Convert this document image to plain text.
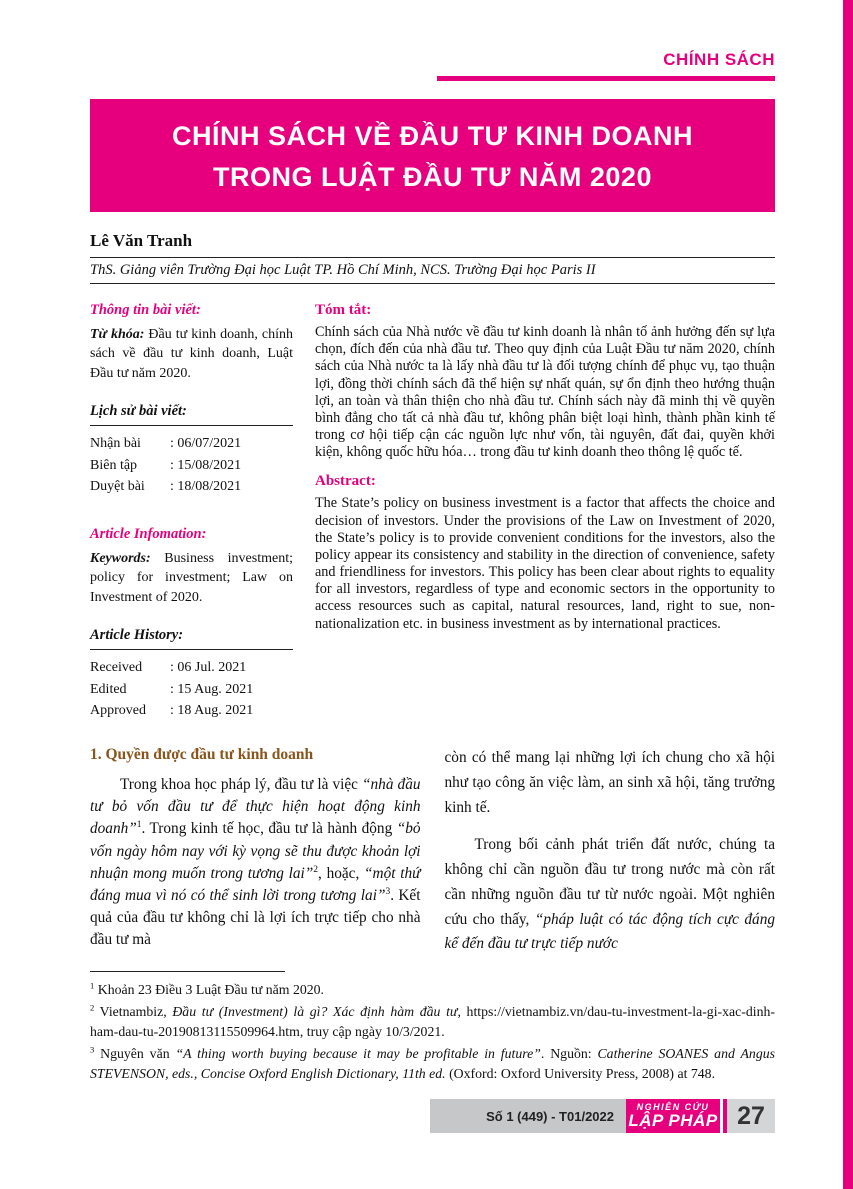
CHÍNH SÁCH
CHÍNH SÁCH VỀ ĐẦU TƯ KINH DOANH
TRONG LUẬT ĐẦU TƯ NĂM 2020
Lê Văn Tranh
ThS. Giảng viên Trường Đại học Luật TP. Hồ Chí Minh, NCS. Trường Đại học Paris II
Thông tin bài viết:

Từ khóa: Đầu tư kinh doanh, chính sách về đầu tư kinh doanh, Luật Đầu tư năm 2020.

Lịch sử bài viết:
Nhận bài	: 06/07/2021
Biên tập	: 15/08/2021
Duyệt bài	: 18/08/2021
Article Infomation:

Keywords: Business investment; policy for investment; Law on Investment of 2020.

Article History:
Received	: 06 Jul. 2021
Edited	: 15 Aug. 2021
Approved	: 18 Aug. 2021
Tóm tắt:

Chính sách của Nhà nước về đầu tư kinh doanh là nhân tố ảnh hưởng đến sự lựa chọn, đích đến của nhà đầu tư. Theo quy định của Luật Đầu tư năm 2020, chính sách của Nhà nước ta là lấy nhà đầu tư là đối tượng chính để phục vụ, tạo thuận lợi, đồng thời chính sách đã thể hiện sự nhất quán, sự ổn định theo hướng thuận lợi, an toàn và thân thiện cho nhà đầu tư. Chính sách này đã minh thị về quyền bình đẳng cho tất cả nhà đầu tư, không phân biệt loại hình, thành phần kinh tế trong cơ hội tiếp cận các nguồn lực như vốn, tài nguyên, đất đai, quyền khởi kiện, không quốc hữu hóa… trong đầu tư kinh doanh theo thông lệ quốc tế.

Abstract:

The State’s policy on business investment is a factor that affects the choice and decision of investors. Under the provisions of the Law on Investment of 2020, the State’s policy is to provide convenient conditions for the investors, also the policy appear its consistency and stability in the direction of convenience, safety and friendliness for investors. This policy has been clear about rights to equality for all investors, regardless of type and economic sectors in the opportunity to access resources such as capital, natural resources, land, right to sue, non-nationalization etc. in business investment as by international practices.

1. Quyền được đầu tư kinh doanh

Trong khoa học pháp lý, đầu tư là việc “nhà đầu tư bỏ vốn đầu tư để thực hiện hoạt động kinh doanh”$^1$. Trong kinh tế học, đầu tư là hành động “bỏ vốn ngày hôm nay với kỳ vọng sẽ thu được khoản lợi nhuận mong muốn trong tương lai”$^2$, hoặc, “một thứ đáng mua vì nó có thể sinh lời trong tương lai”$^3$. Kết quả của đầu tư không chỉ là lợi ích trực tiếp cho nhà đầu tư mà

còn có thể mang lại những lợi ích chung cho xã hội như tạo công ăn việc làm, an sinh xã hội, tăng trưởng kinh tế.

Trong bối cảnh phát triển đất nước, chúng ta không chỉ cần nguồn đầu tư trong nước mà còn rất cần những nguồn đầu tư từ nước ngoài. Một nghiên cứu cho thấy, “pháp luật có tác động tích cực đáng kể đến đầu tư trực tiếp nước

$^1$ Khoản 23 Điều 3 Luật Đầu tư năm 2020.

$^2$ Vietnambiz, Đầu tư (Investment) là gì? Xác định hàm đầu tư, https://vietnambiz.vn/dau-tu-investment-la-gi-xac-dinh-ham-dau-tu-20190813115509964.htm, truy cập ngày 10/3/2021.

$^3$ Nguyên văn “A thing worth buying because it may be profitable in future”. Nguồn: Catherine SOANES and Angus STEVENSON, eds., Concise Oxford English Dictionary, 11th ed. (Oxford: Oxford University Press, 2008) at 748.

Số 1 (449) - T01/2022
NGHIÊN CỨU
LẬP PHÁP 27
